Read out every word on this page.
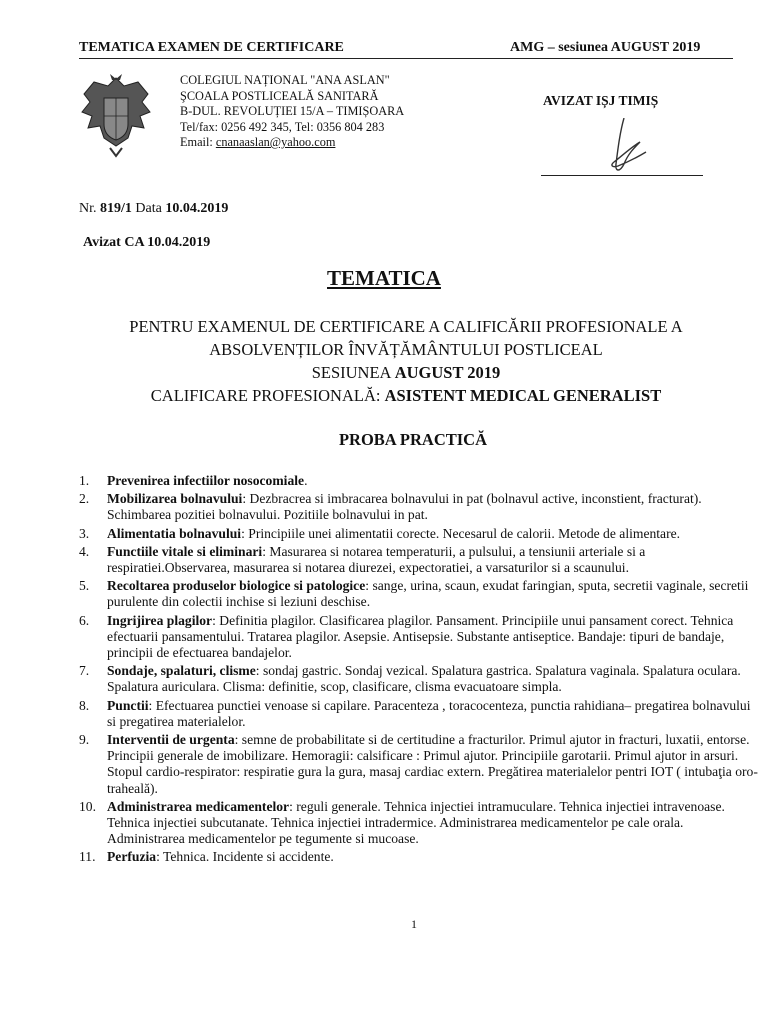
TEMATICA EXAMEN DE CERTIFICARE	AMG – sesiunea AUGUST 2019
COLEGIUL NAȚIONAL "ANA ASLAN"
ŞCOALA POSTLICEALĂ SANITARĂ
B-DUL. REVOLUȚIEI 15/A – TIMIȘOARA
Tel/fax: 0256 492 345, Tel: 0356 804 283
Email: cnanaaslan@yahoo.com
AVIZAT IȘJ TIMIȘ
Nr. 819/1 Data 10.04.2019
Avizat CA 10.04.2019
TEMATICA
PENTRU EXAMENUL DE CERTIFICARE A CALIFICĂRII PROFESIONALE A
ABSOLVENȚILOR ÎNVĂȚĂMÂNTULUI POSTLICEAL
SESIUNEA AUGUST 2019
CALIFICARE PROFESIONALĂ: ASISTENT MEDICAL GENERALIST
PROBA PRACTICĂ
1.	Prevenirea infectiilor nosocomiale.
2.	Mobilizarea bolnavului: Dezbracrea si imbracarea bolnavului in pat (bolnavul active, inconstient, fracturat). Schimbarea pozitiei bolnavului. Pozitiile bolnavului in pat.
3.	Alimentatia bolnavului: Principiile unei alimentatii corecte. Necesarul de calorii. Metode de alimentare.
4.	Functiile vitale si eliminari: Masurarea si notarea temperaturii, a pulsului, a tensiunii arteriale si a respiratiei.Observarea, masurarea si notarea diurezei, expectoratiei, a varsaturilor si a scaunului.
5.	Recoltarea produselor biologice si patologice: sange, urina, scaun, exudat faringian, sputa, secretii vaginale, secretii purulente din colectii inchise si leziuni deschise.
6.	Ingrijirea plagilor: Definitia plagilor. Clasificarea plagilor. Pansament. Principiile unui pansament corect. Tehnica efectuarii pansamentului. Tratarea plagilor. Asepsie. Antisepsie. Substante antiseptice. Bandaje: tipuri de bandaje, principii de efectuarea bandajelor.
7.	Sondaje, spalaturi, clisme: sondaj gastric. Sondaj vezical. Spalatura gastrica. Spalatura vaginala. Spalatura oculara. Spalatura auriculara. Clisma: definitie, scop, clasificare, clisma evacuatoare simpla.
8.	Punctii: Efectuarea punctiei venoase si capilare. Paracenteza , toracocenteza, punctia rahidiana– pregatirea bolnavului si pregatirea materialelor.
9.	Interventii de urgenta: semne de probabilitate si de certitudine a fracturilor. Primul ajutor in fracturi, luxatii, entorse. Principii generale de imobilizare. Hemoragii: calsificare : Primul ajutor. Principiile garotarii. Primul ajutor in arsuri. Stopul cardio-respirator: respiratie gura la gura, masaj cardiac extern. Pregătirea materialelor pentri IOT ( intubaţia oro-traheală).
10. Administrarea medicamentelor: reguli generale. Tehnica injectiei intramuculare. Tehnica injectiei intravenoase. Tehnica injectiei subcutanate. Tehnica injectiei intradermice. Administrarea medicamentelor pe cale orala. Administrarea medicamentelor pe tegumente si mucoase.
11. Perfuzia: Tehnica. Incidente si accidente.
1
